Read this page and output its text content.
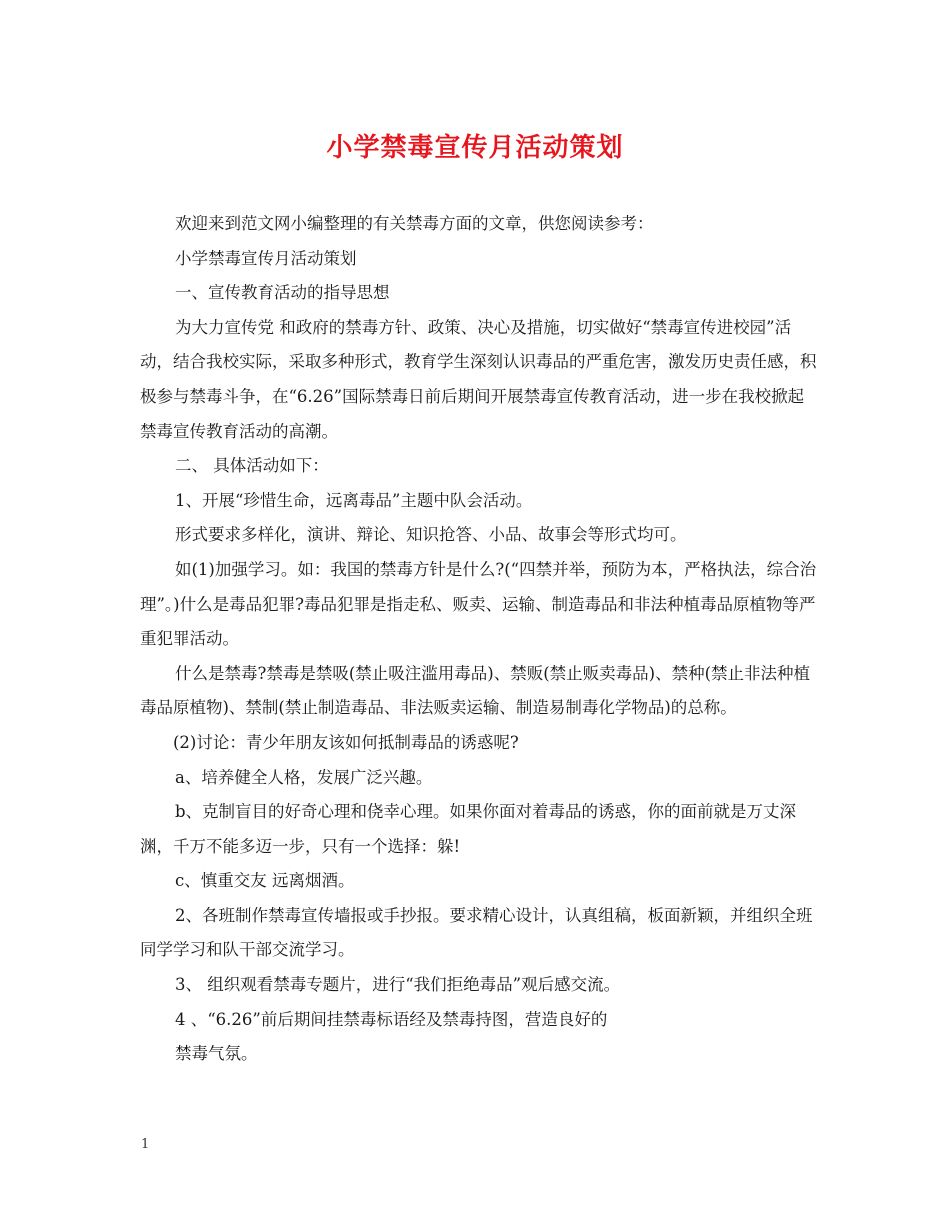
小学禁毒宣传月活动策划

欢迎来到范文网小编整理的有关禁毒方面的文章，供您阅读参考：

小学禁毒宣传月活动策划

一、宣传教育活动的指导思想

为大力宣传党 和政府的禁毒方针、政策、决心及措施，切实做好“禁毒宣传进校园”活动，结合我校实际，采取多种形式，教育学生深刻认识毒品的严重危害，激发历史责任感，积极参与禁毒斗争，在“6.26”国际禁毒日前后期间开展禁毒宣传教育活动，进一步在我校掀起禁毒宣传教育活动的高潮。

二、 具体活动如下：

1、开展“珍惜生命，远离毒品”主题中队会活动。

形式要求多样化，演讲、辩论、知识抢答、小品、故事会等形式均可。

如(1)加强学习。如：我国的禁毒方针是什么?(“四禁并举，预防为本，严格执法，综合治理”。)什么是毒品犯罪?毒品犯罪是指走私、贩卖、运输、制造毒品和非法种植毒品原植物等严重犯罪活动。

什么是禁毒?禁毒是禁吸(禁止吸注滥用毒品)、禁贩(禁止贩卖毒品)、禁种(禁止非法种植毒品原植物)、禁制(禁止制造毒品、非法贩卖运输、制造易制毒化学物品)的总称。

(2)讨论：青少年朋友该如何抵制毒品的诱惑呢?

a、培养健全人格，发展广泛兴趣。

b、克制盲目的好奇心理和侥幸心理。如果你面对着毒品的诱惑，你的面前就是万丈深渊，千万不能多迈一步，只有一个选择：躲!

c、慎重交友 远离烟酒。

2、各班制作禁毒宣传墙报或手抄报。要求精心设计，认真组稿，板面新颖，并组织全班同学学习和队干部交流学习。

3、 组织观看禁毒专题片，进行“我们拒绝毒品”观后感交流。

4 、“6.26”前后期间挂禁毒标语经及禁毒持图，营造良好的

禁毒气氛。

1
